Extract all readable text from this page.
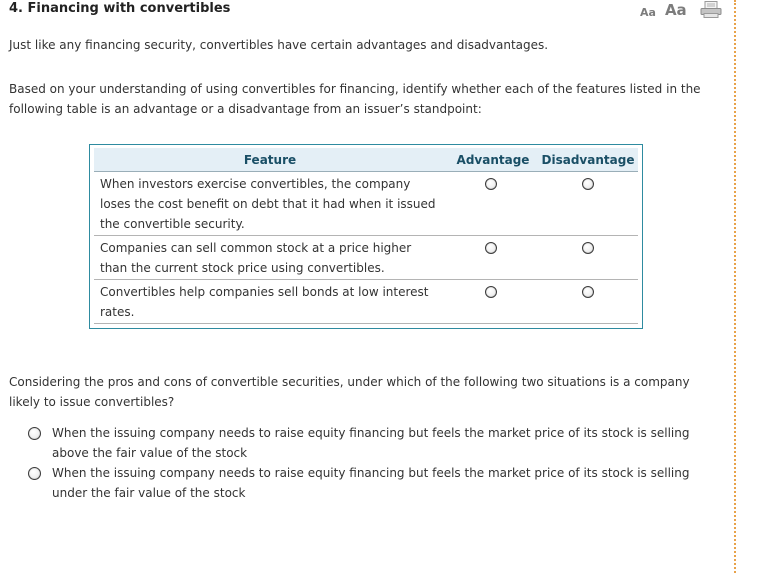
4. Financing with convertibles	Aa Aa
Just like any financing security, convertibles have certain advantages and disadvantages.
Based on your understanding of using convertibles for financing, identify whether each of the features listed in the following table is an advantage or a disadvantage from an issuer’s standpoint:
Feature	Advantage	Disadvantage
When investors exercise convertibles, the company loses the cost benefit on debt that it had when it issued the convertible security.
Companies can sell common stock at a price higher than the current stock price using convertibles.
Convertibles help companies sell bonds at low interest rates.
Considering the pros and cons of convertible securities, under which of the following two situations is a company likely to issue convertibles?
When the issuing company needs to raise equity financing but feels the market price of its stock is selling above the fair value of the stock
When the issuing company needs to raise equity financing but feels the market price of its stock is selling under the fair value of the stock
